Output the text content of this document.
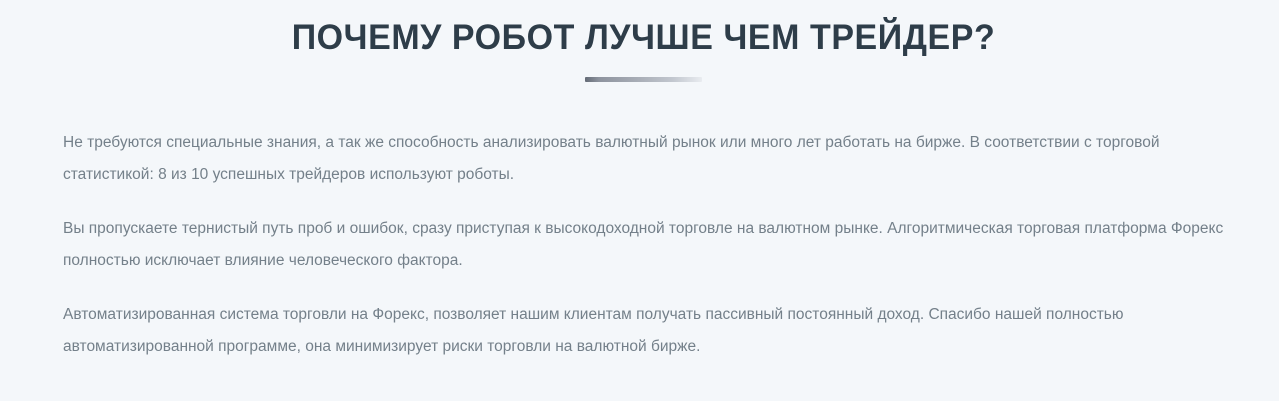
ПОЧЕМУ РОБОТ ЛУЧШЕ ЧЕМ ТРЕЙДЕР?

Не требуются специальные знания, а так же способность анализировать валютный рынок или много лет работать на бирже. В соответствии с торговой статистикой: 8 из 10 успешных трейдеров используют роботы.

Вы пропускаете тернистый путь проб и ошибок, сразу приступая к высокодоходной торговле на валютном рынке. Алгоритмическая торговая платформа Форекс полностью исключает влияние человеческого фактора.

Автоматизированная система торговли на Форекс, позволяет нашим клиентам получать пассивный постоянный доход. Спасибо нашей полностью автоматизированной программе, она минимизирует риски торговли на валютной бирже.
